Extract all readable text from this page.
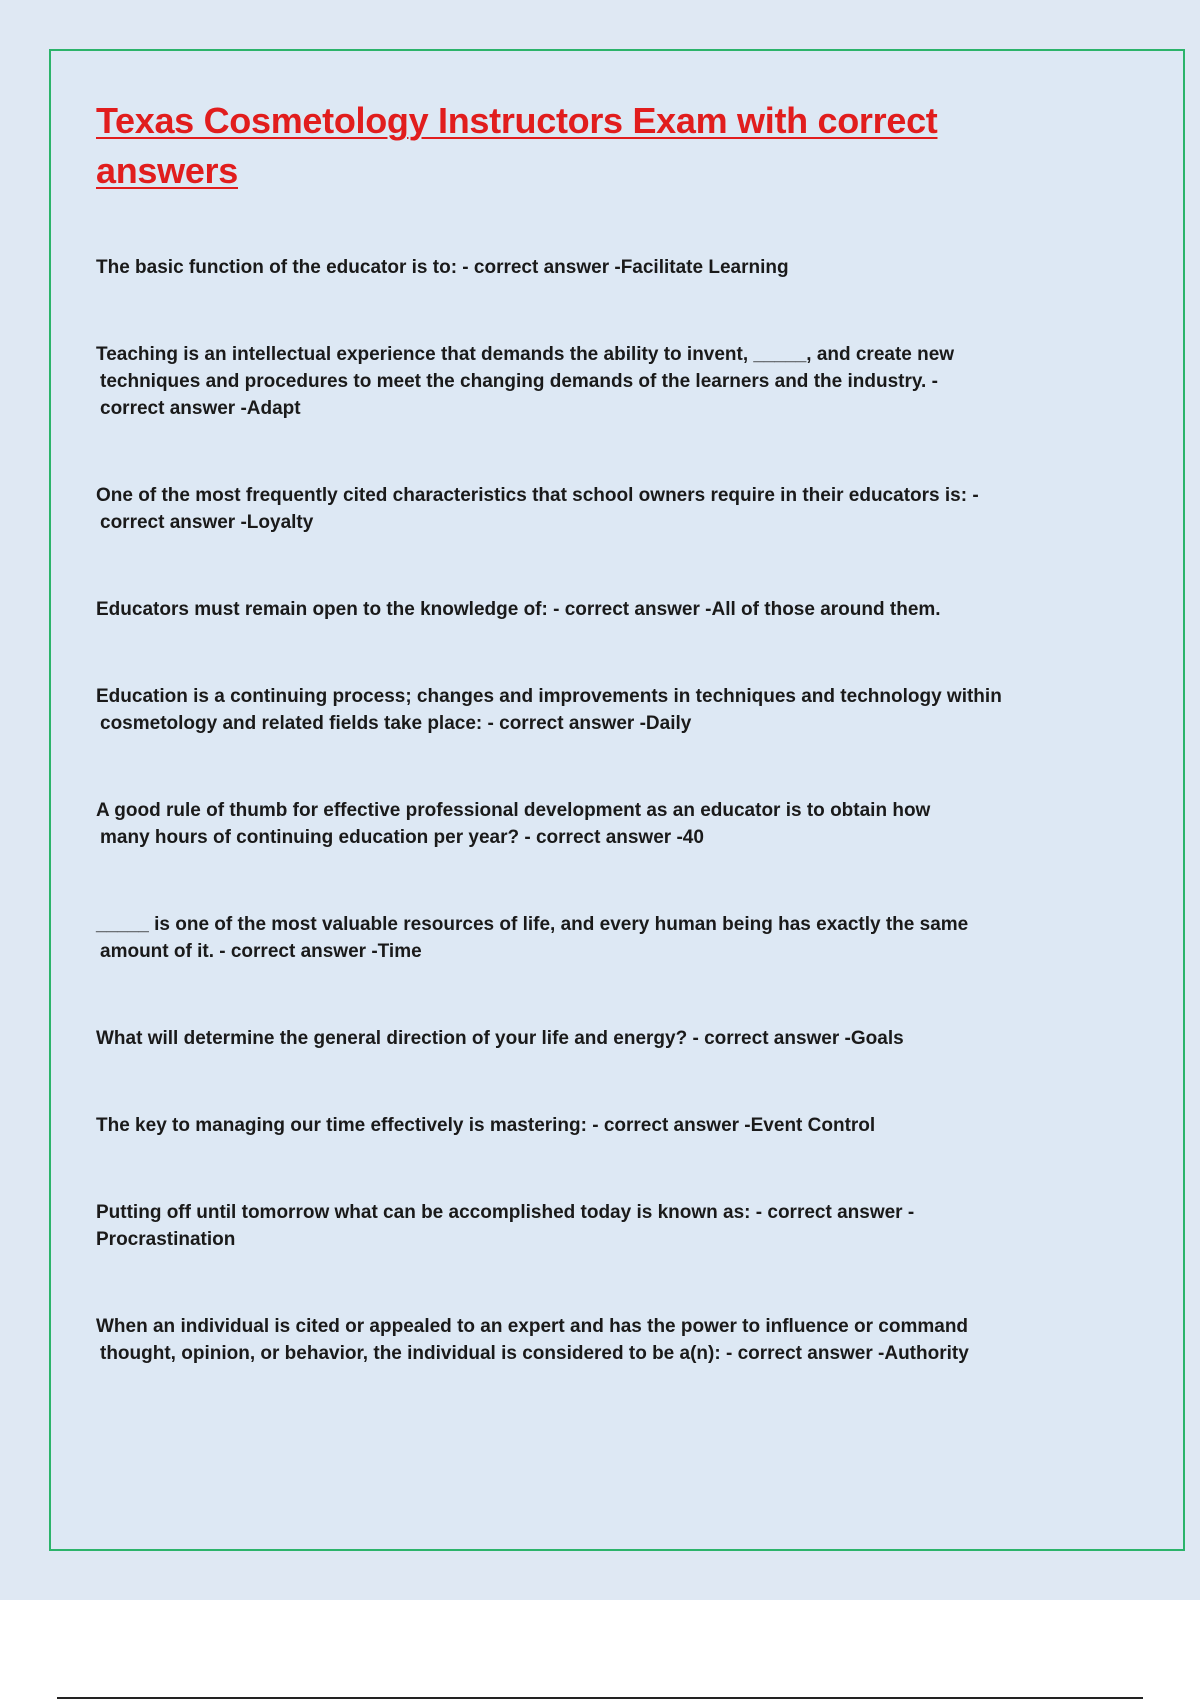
Texas Cosmetology Instructors Exam with correct answers
The basic function of the educator is to: - correct answer -Facilitate Learning
Teaching is an intellectual experience that demands the ability to invent, _____, and create new
techniques and procedures to meet the changing demands of the learners and the industry. -
correct answer -Adapt
One of the most frequently cited characteristics that school owners require in their educators is: -
correct answer -Loyalty
Educators must remain open to the knowledge of: - correct answer -All of those around them.
Education is a continuing process; changes and improvements in techniques and technology within
cosmetology and related fields take place: - correct answer -Daily
A good rule of thumb for effective professional development as an educator is to obtain how
many hours of continuing education per year? - correct answer -40
_____ is one of the most valuable resources of life, and every human being has exactly the same
amount of it. - correct answer -Time
What will determine the general direction of your life and energy? - correct answer -Goals
The key to managing our time effectively is mastering: - correct answer -Event Control
Putting off until tomorrow what can be accomplished today is known as: - correct answer -
Procrastination
When an individual is cited or appealed to an expert and has the power to influence or command
thought, opinion, or behavior, the individual is considered to be a(n): - correct answer -Authority
